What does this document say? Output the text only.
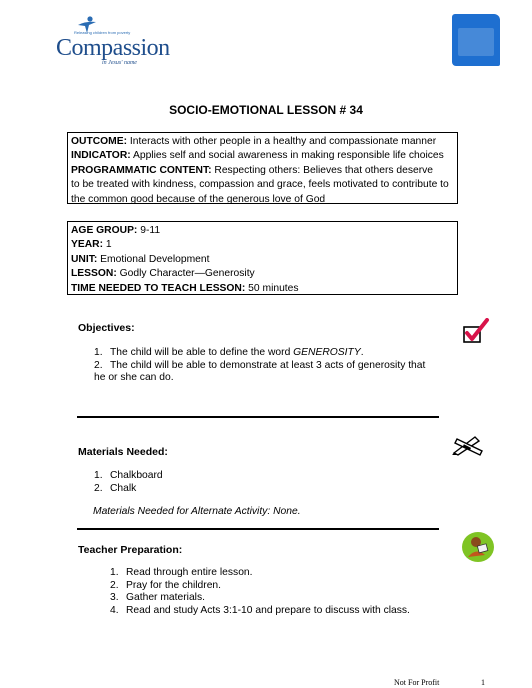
Releasing children from poverty
Compassion
in Jesus' name
SOCIO-EMOTIONAL LESSON # 34
OUTCOME: Interacts with other people in a healthy and compassionate manner
INDICATOR: Applies self and social awareness in making responsible life choices
PROGRAMMATIC CONTENT: Respecting others: Believes that others deserve
to be treated with kindness, compassion and grace, feels motivated to contribute to
the common good because of the generous love of God
AGE GROUP: 9-11
YEAR: 1
UNIT: Emotional Development
LESSON: Godly Character—Generosity
TIME NEEDED TO TEACH LESSON: 50 minutes
Objectives:
1. The child will be able to define the word GENEROSITY.
2. The child will be able to demonstrate at least 3 acts of generosity that
he or she can do.
Materials Needed:
1. Chalkboard
2. Chalk
Materials Needed for Alternate Activity: None.
Teacher Preparation:
1. Read through entire lesson.
2. Pray for the children.
3. Gather materials.
4. Read and study Acts 3:1-10 and prepare to discuss with class.
Not For Profit	1
